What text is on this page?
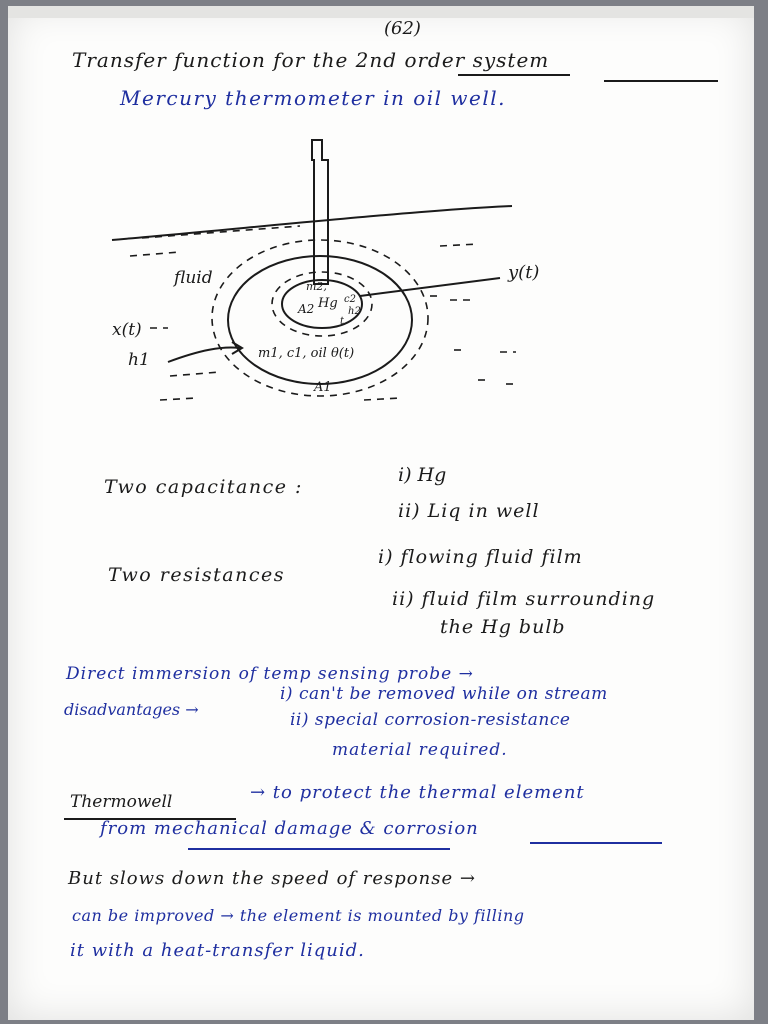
(62)
Transfer function for the 2nd order system
Mercury thermometer in oil well.
fluid	y(t)
x(t)
h1
m2,
A2 Hg c2
h2
t
m1, c1, oil θ(t)
A1
Two capacitance :
i) Hg
ii) Liq in well
Two resistances
i) flowing fluid film
ii) fluid film surrounding
the Hg bulb
Direct immersion of temp sensing probe →
disadvantages →
i) can't be removed while on stream
ii) special corrosion-resistance
material required.
Thermowell	→ to protect the thermal element
from mechanical damage & corrosion
But slows down the speed of response →
can be improved → the element is mounted by filling
it with a heat-transfer liquid.
